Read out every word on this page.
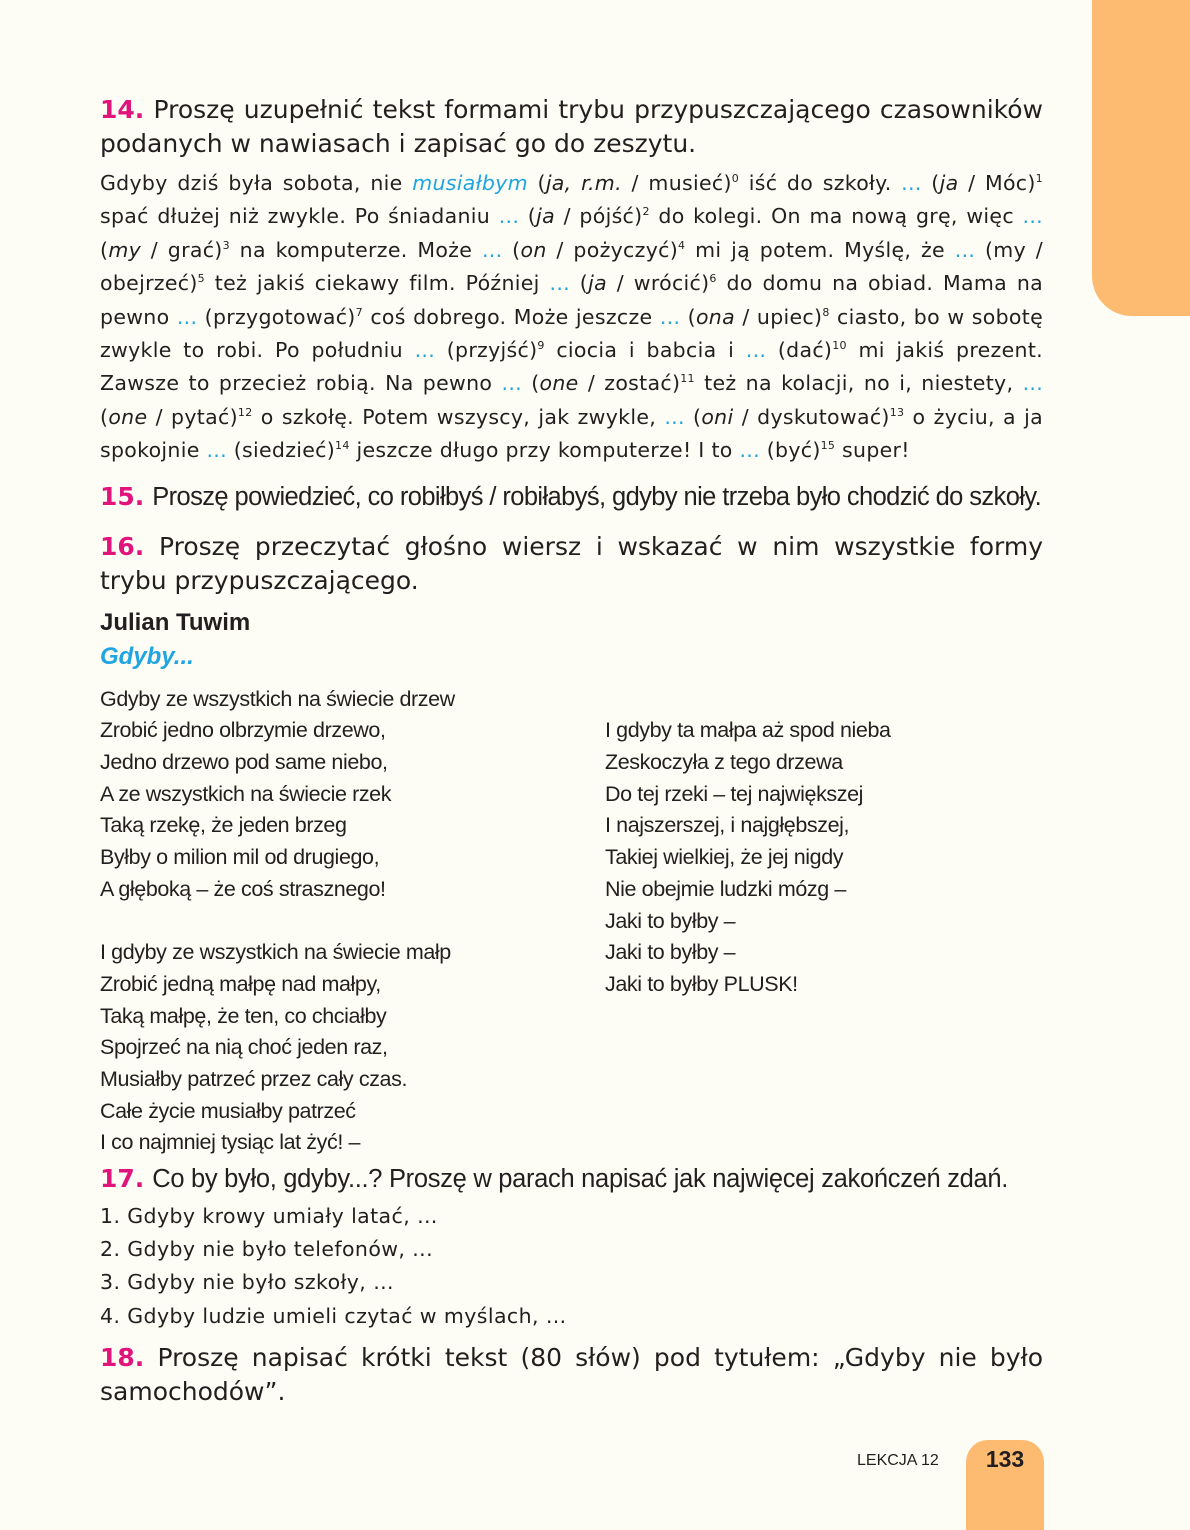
14. Proszę uzupełnić tekst formami trybu przypuszczającego czasowników podanych w nawiasach i zapisać go do zeszytu.

Gdyby dziś była sobota, nie musiałbym (ja, r.m. / musieć)$^0$ iść do szkoły. ... (ja / Móc)$^1$ spać dłużej niż zwykle. Po śniadaniu ... (ja / pójść)$^2$ do kolegi. On ma nową grę, więc ... (my / grać)$^3$ na komputerze. Może ... (on / pożyczyć)$^4$ mi ją potem. Myślę, że ... (my / obejrzeć)$^5$ też jakiś ciekawy film. Później ... (ja / wrócić)$^6$ do domu na obiad. Mama na pewno ... (przygotować)$^7$ coś dobrego. Może jeszcze ... (ona / upiec)$^8$ ciasto, bo w sobotę zwykle to robi. Po południu ... (przyjść)$^9$ ciocia i babcia i ... (dać)$^{10}$ mi jakiś prezent. Zawsze to przecież robią. Na pewno ... (one / zostać)$^{11}$ też na kolacji, no i, niestety, ... (one / pytać)$^{12}$ o szkołę. Potem wszyscy, jak zwykle, ... (oni / dyskutować)$^{13}$ o życiu, a ja spokojnie ... (siedzieć)$^{14}$ jeszcze długo przy komputerze! I to ... (być)$^{15}$ super!

15. Proszę powiedzieć, co robiłbyś / robiłabyś, gdyby nie trzeba było chodzić do szkoły.

16. Proszę przeczytać głośno wiersz i wskazać w nim wszystkie formy trybu przypuszczającego.

Julian Tuwim
Gdyby...
Gdyby ze wszystkich na świecie drzew
Zrobić jedno olbrzymie drzewo,
Jedno drzewo pod same niebo,
A ze wszystkich na świecie rzek
Taką rzekę, że jeden brzeg
Byłby o milion mil od drugiego,
A głęboką – że coś strasznego!
I gdyby ze wszystkich na świecie małp
Zrobić jedną małpę nad małpy,
Taką małpę, że ten, co chciałby
Spojrzeć na nią choć jeden raz,
Musiałby patrzeć przez cały czas.
Całe życie musiałby patrzeć
I co najmniej tysiąc lat żyć! –
I gdyby ta małpa aż spod nieba
Zeskoczyła z tego drzewa
Do tej rzeki – tej największej
I najszerszej, i najgłębszej,
Takiej wielkiej, że jej nigdy
Nie obejmie ludzki mózg –
Jaki to byłby –
Jaki to byłby –
Jaki to byłby PLUSK!

17. Co by było, gdyby...? Proszę w parach napisać jak najwięcej zakończeń zdań.

1. Gdyby krowy umiały latać, …
2. Gdyby nie było telefonów, ...
3. Gdyby nie było szkoły, …
4. Gdyby ludzie umieli czytać w myślach, …

18. Proszę napisać krótki tekst (80 słów) pod tytułem: „Gdyby nie było samochodów”.

LEKCJA 12	133
